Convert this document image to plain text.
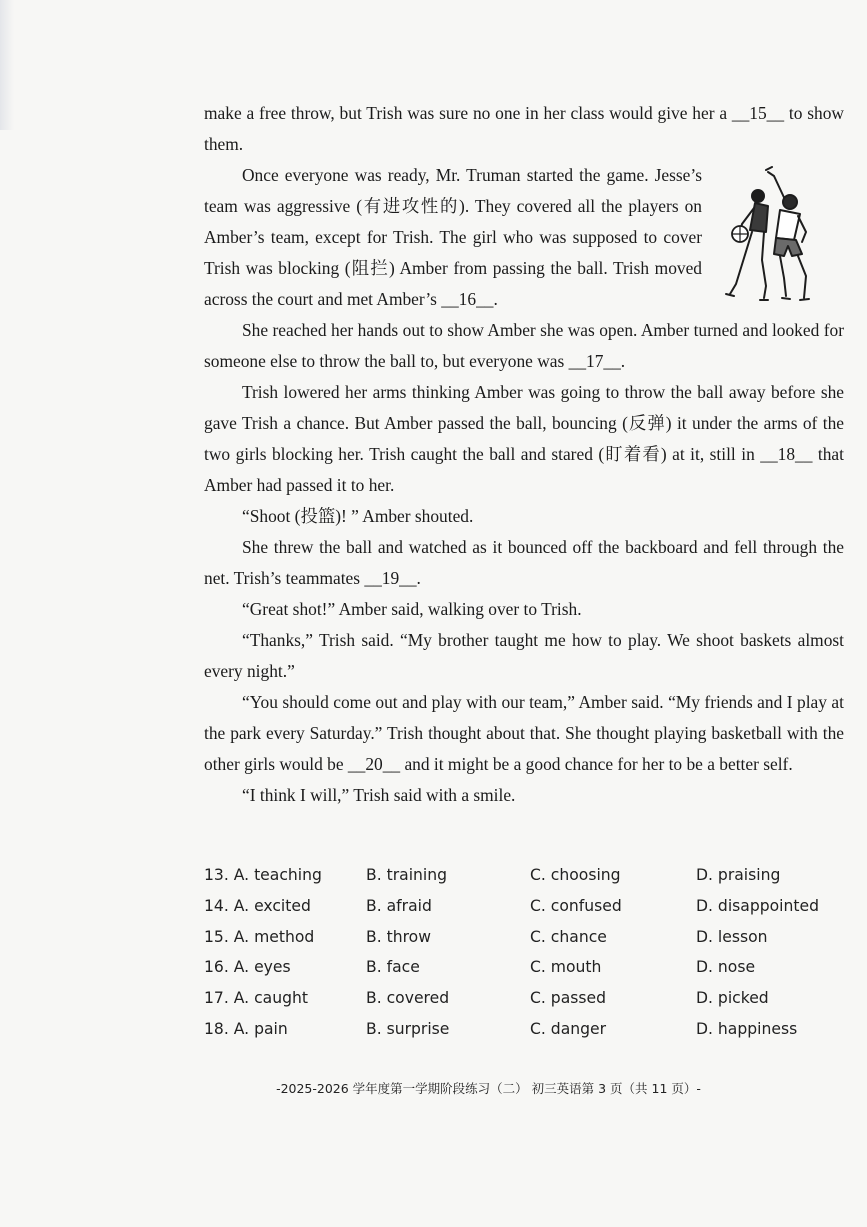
make a free throw, but Trish was sure no one in her class would give her a __15__ to show them.

Once everyone was ready, Mr. Truman started the game. Jesse’s team was aggressive (有进攻性的). They covered all the players on Amber’s team, except for Trish. The girl who was supposed to cover Trish was blocking (阻拦) Amber from passing the ball. Trish moved across the court and met Amber’s __16__.

She reached her hands out to show Amber she was open. Amber turned and looked for someone else to throw the ball to, but everyone was __17__.

Trish lowered her arms thinking Amber was going to throw the ball away before she gave Trish a chance. But Amber passed the ball, bouncing (反弹) it under the arms of the two girls blocking her. Trish caught the ball and stared (盯着看) at it, still in __18__ that Amber had passed it to her.

“Shoot (投篮)! ” Amber shouted.

She threw the ball and watched as it bounced off the backboard and fell through the net. Trish’s teammates __19__.

“Great shot!” Amber said, walking over to Trish.

“Thanks,” Trish said. “My brother taught me how to play. We shoot baskets almost every night.”

“You should come out and play with our team,” Amber said. “My friends and I play at the park every Saturday.” Trish thought about that. She thought playing basketball with the other girls would be __20__ and it might be a good chance for her to be a better self.

“I think I will,” Trish said with a smile.

13. A. teaching	B. training	C. choosing	D. praising
14. A. excited	B. afraid	C. confused	D. disappointed
15. A. method	B. throw	C. chance	D. lesson
16. A. eyes	B. face	C. mouth	D. nose
17. A. caught	B. covered	C. passed	D. picked
18. A. pain	B. surprise	C. danger	D. happiness
-2025-2026 学年度第一学期阶段练习（二） 初三英语第 3 页（共 11 页）-
